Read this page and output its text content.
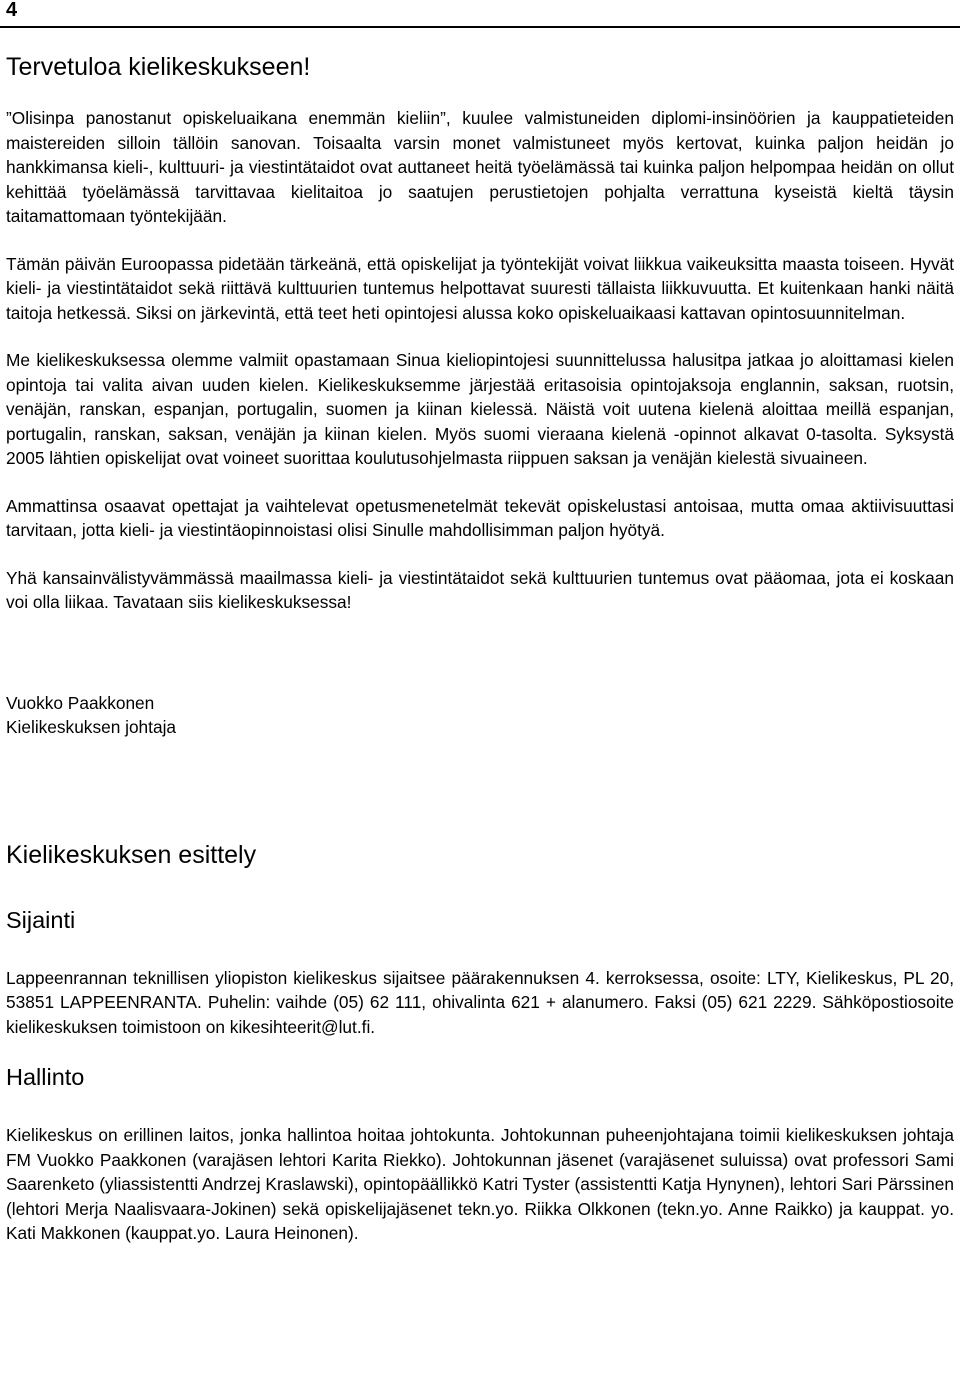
4
Tervetuloa kielikeskukseen!

”Olisinpa panostanut opiskeluaikana enemmän kieliin”, kuulee valmistuneiden diplomi-insinöörien ja kauppatieteiden maistereiden silloin tällöin sanovan. Toisaalta varsin monet valmistuneet myös kertovat, kuinka paljon heidän jo hankkimansa kieli-, kulttuuri- ja viestintätaidot ovat auttaneet heitä työelämässä tai kuinka paljon helpompaa heidän on ollut kehittää työelämässä tarvittavaa kielitaitoa jo saatujen perustietojen pohjalta verrattuna kyseistä kieltä täysin taitamattomaan työntekijään.

Tämän päivän Euroopassa pidetään tärkeänä, että opiskelijat ja työntekijät voivat liikkua vaikeuksitta maasta toiseen. Hyvät kieli- ja viestintätaidot sekä riittävä kulttuurien tuntemus helpottavat suuresti tällaista liikkuvuutta. Et kuitenkaan hanki näitä taitoja hetkessä. Siksi on järkevintä, että teet heti opintojesi alussa koko opiskeluaikaasi kattavan opintosuunnitelman.

Me kielikeskuksessa olemme valmiit opastamaan Sinua kieliopintojesi suunnittelussa halusitpa jatkaa jo aloittamasi kielen opintoja tai valita aivan uuden kielen. Kielikeskuksemme järjestää eritasoisia opintojaksoja englannin, saksan, ruotsin, venäjän, ranskan, espanjan, portugalin, suomen ja kiinan kielessä. Näistä voit uutena kielenä aloittaa meillä espanjan, portugalin, ranskan, saksan, venäjän ja kiinan kielen. Myös suomi vieraana kielenä -opinnot alkavat 0-tasolta. Syksystä 2005 lähtien opiskelijat ovat voineet suorittaa koulutusohjelmasta riippuen saksan ja venäjän kielestä sivuaineen.

Ammattinsa osaavat opettajat ja vaihtelevat opetusmenetelmät tekevät opiskelustasi antoisaa, mutta omaa aktiivisuuttasi tarvitaan, jotta kieli- ja viestintäopinnoistasi olisi Sinulle mahdollisimman paljon hyötyä.

Yhä kansainvälistyvämmässä maailmassa kieli- ja viestintätaidot sekä kulttuurien tuntemus ovat pääomaa, jota ei koskaan voi olla liikaa. Tavataan siis kielikeskuksessa!

Vuokko Paakkonen

Kielikeskuksen johtaja

Kielikeskuksen esittely
Sijainti

Lappeenrannan teknillisen yliopiston kielikeskus sijaitsee päärakennuksen 4. kerroksessa, osoite: LTY, Kielikeskus, PL 20, 53851 LAPPEENRANTA. Puhelin: vaihde (05) 62 111, ohivalinta 621 + alanumero. Faksi (05) 621 2229. Sähköpostiosoite kielikeskuksen toimistoon on kikesihteerit@lut.fi.

Hallinto

Kielikeskus on erillinen laitos, jonka hallintoa hoitaa johtokunta. Johtokunnan puheenjohtajana toimii kielikeskuksen johtaja FM Vuokko Paakkonen (varajäsen lehtori Karita Riekko). Johtokunnan jäsenet (varajäsenet suluissa) ovat professori Sami Saarenketo (yliassistentti Andrzej Kraslawski), opintopäällikkö Katri Tyster (assistentti Katja Hynynen), lehtori Sari Pärssinen (lehtori Merja Naalisvaara-Jokinen) sekä opiskelijajäsenet tekn.yo. Riikka Olkkonen (tekn.yo. Anne Raikko) ja kauppat. yo. Kati Makkonen (kauppat.yo. Laura Heinonen).
